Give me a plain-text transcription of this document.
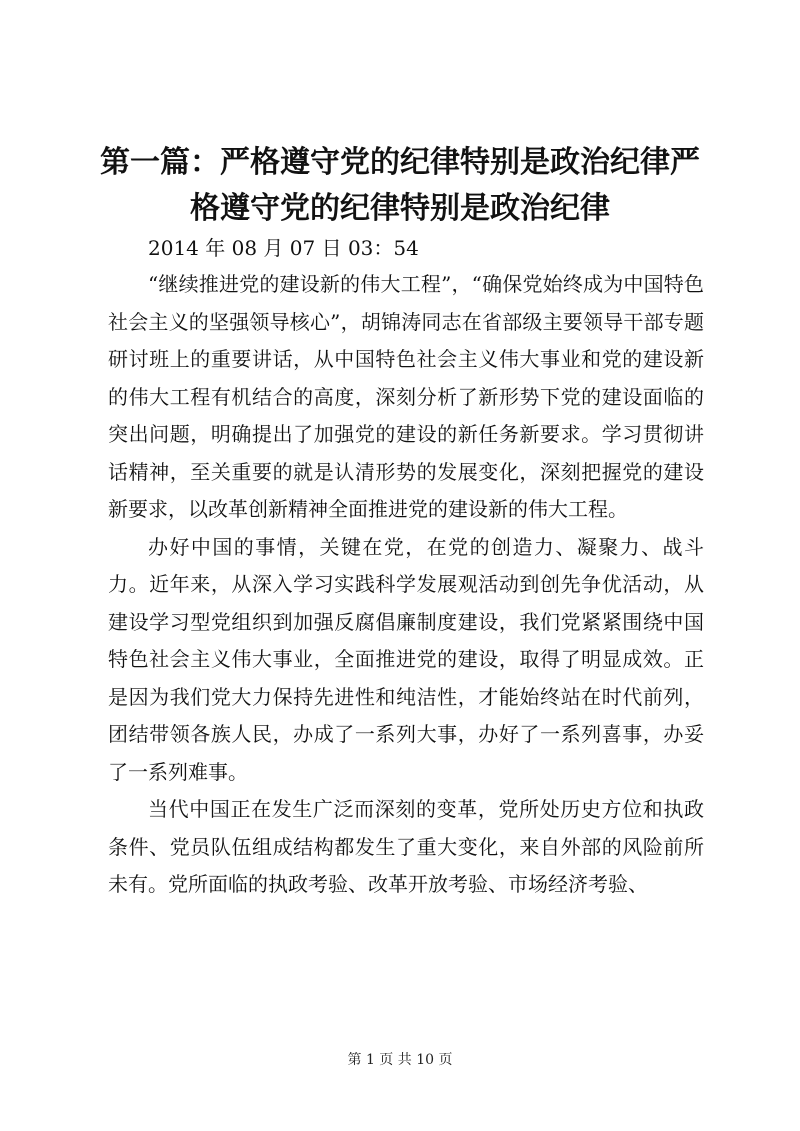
第一篇：严格遵守党的纪律特别是政治纪律严格遵守党的纪律特别是政治纪律

2014 年 08 月 07 日 03：54

“继续推进党的建设新的伟大工程”，“确保党始终成为中国特色社会主义的坚强领导核心”，胡锦涛同志在省部级主要领导干部专题研讨班上的重要讲话，从中国特色社会主义伟大事业和党的建设新的伟大工程有机结合的高度，深刻分析了新形势下党的建设面临的突出问题，明确提出了加强党的建设的新任务新要求。学习贯彻讲话精神，至关重要的就是认清形势的发展变化，深刻把握党的建设新要求，以改革创新精神全面推进党的建设新的伟大工程。

办好中国的事情，关键在党，在党的创造力、凝聚力、战斗力。近年来，从深入学习实践科学发展观活动到创先争优活动，从建设学习型党组织到加强反腐倡廉制度建设，我们党紧紧围绕中国特色社会主义伟大事业，全面推进党的建设，取得了明显成效。正是因为我们党大力保持先进性和纯洁性，才能始终站在时代前列，团结带领各族人民，办成了一系列大事，办好了一系列喜事，办妥了一系列难事。

当代中国正在发生广泛而深刻的变革，党所处历史方位和执政条件、党员队伍组成结构都发生了重大变化，来自外部的风险前所未有。党所面临的执政考验、改革开放考验、市场经济考验、

第 1 页 共 10 页
